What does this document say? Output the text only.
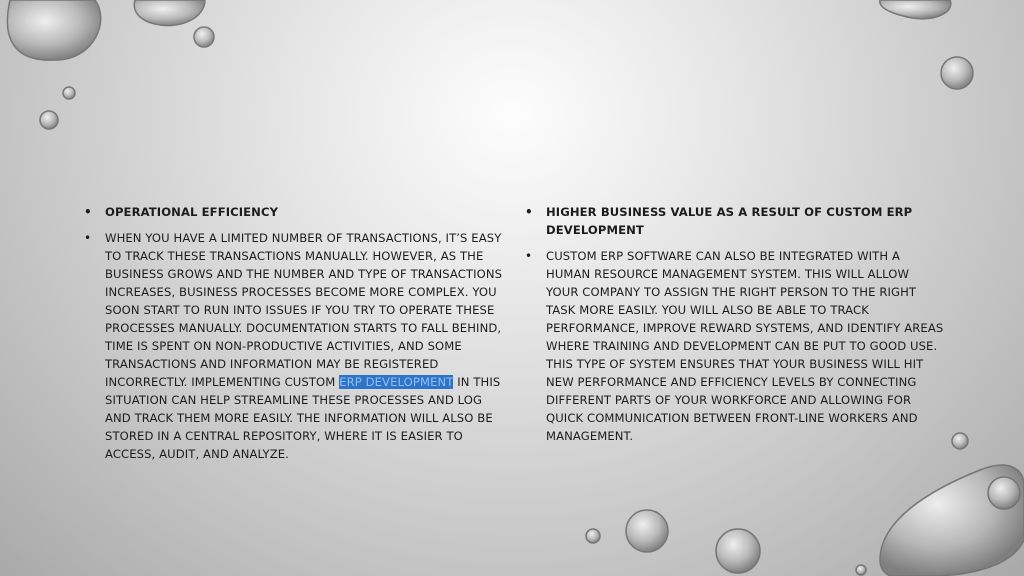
• OPERATIONAL EFFICIENCY
• WHEN YOU HAVE A LIMITED NUMBER OF TRANSACTIONS, IT’S EASY TO TRACK THESE TRANSACTIONS MANUALLY. HOWEVER, AS THE BUSINESS GROWS AND THE NUMBER AND TYPE OF TRANSACTIONS INCREASES, BUSINESS PROCESSES BECOME MORE COMPLEX. YOU SOON START TO RUN INTO ISSUES IF YOU TRY TO OPERATE THESE PROCESSES MANUALLY. DOCUMENTATION STARTS TO FALL BEHIND, TIME IS SPENT ON NON-PRODUCTIVE ACTIVITIES, AND SOME TRANSACTIONS AND INFORMATION MAY BE REGISTERED INCORRECTLY. IMPLEMENTING CUSTOM ERP DEVELOPMENT IN THIS SITUATION CAN HELP STREAMLINE THESE PROCESSES AND LOG AND TRACK THEM MORE EASILY. THE INFORMATION WILL ALSO BE STORED IN A CENTRAL REPOSITORY, WHERE IT IS EASIER TO ACCESS, AUDIT, AND ANALYZE.
• HIGHER BUSINESS VALUE AS A RESULT OF CUSTOM ERP DEVELOPMENT
• CUSTOM ERP SOFTWARE CAN ALSO BE INTEGRATED WITH A HUMAN RESOURCE MANAGEMENT SYSTEM. THIS WILL ALLOW YOUR COMPANY TO ASSIGN THE RIGHT PERSON TO THE RIGHT TASK MORE EASILY. YOU WILL ALSO BE ABLE TO TRACK PERFORMANCE, IMPROVE REWARD SYSTEMS, AND IDENTIFY AREAS WHERE TRAINING AND DEVELOPMENT CAN BE PUT TO GOOD USE. THIS TYPE OF SYSTEM ENSURES THAT YOUR BUSINESS WILL HIT NEW PERFORMANCE AND EFFICIENCY LEVELS BY CONNECTING DIFFERENT PARTS OF YOUR WORKFORCE AND ALLOWING FOR QUICK COMMUNICATION BETWEEN FRONT-LINE WORKERS AND MANAGEMENT.
